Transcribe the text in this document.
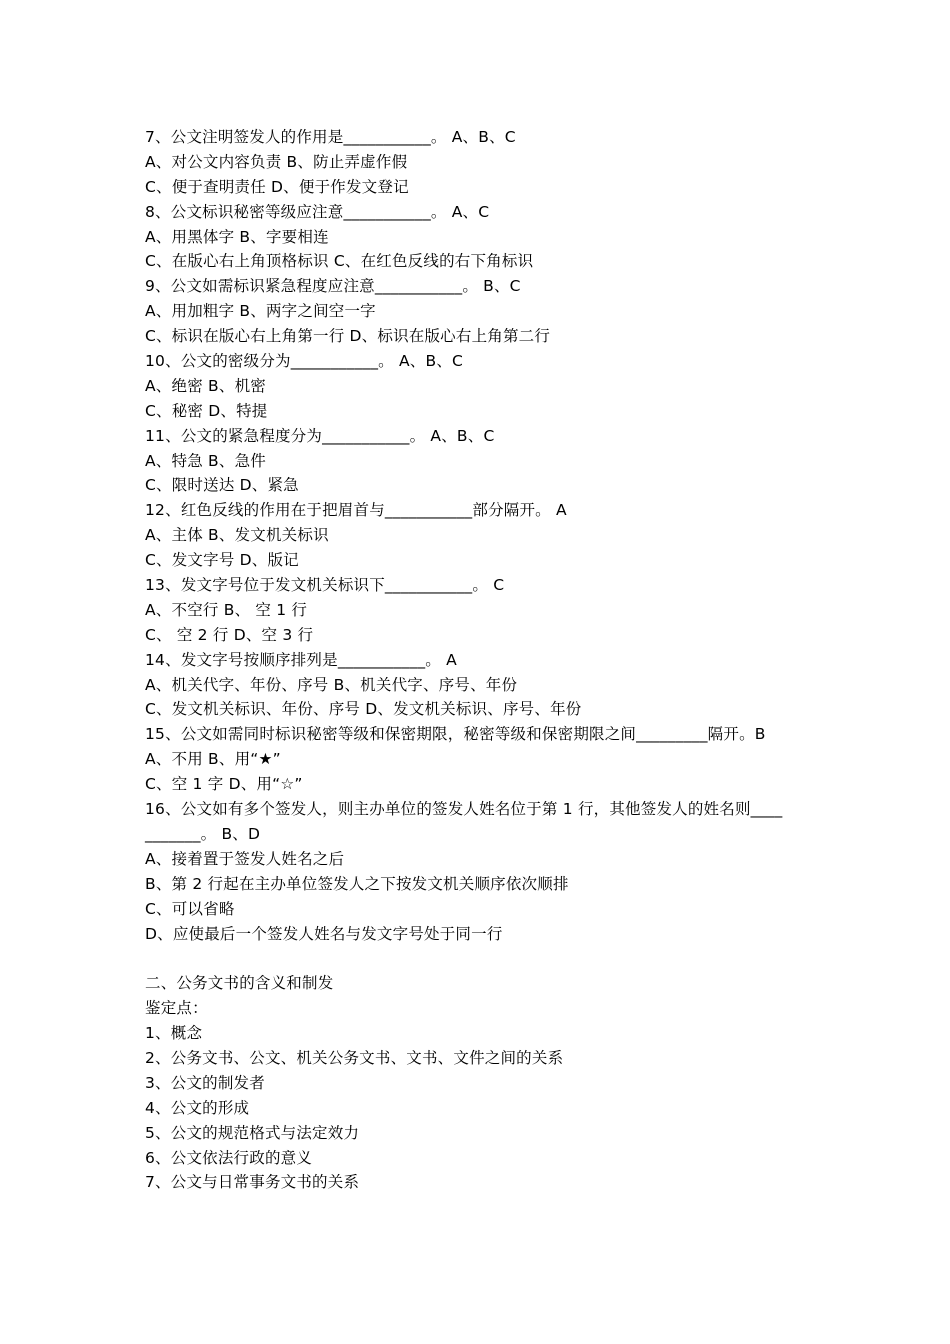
7、公文注明签发人的作用是___________。 A、B、C
A、对公文内容负责 B、防止弄虚作假
C、便于查明责任 D、便于作发文登记
8、公文标识秘密等级应注意___________。 A、C
A、用黑体字 B、字要相连
C、在版心右上角顶格标识 C、在红色反线的右下角标识
9、公文如需标识紧急程度应注意___________。 B、C
A、用加粗字 B、两字之间空一字
C、标识在版心右上角第一行 D、标识在版心右上角第二行
10、公文的密级分为___________。 A、B、C
A、绝密 B、机密
C、秘密 D、特提
11、公文的紧急程度分为___________。 A、B、C
A、特急 B、急件
C、限时送达 D、紧急
12、红色反线的作用在于把眉首与___________部分隔开。 A
A、主体 B、发文机关标识
C、发文字号 D、版记
13、发文字号位于发文机关标识下___________。 C
A、不空行 B、 空 1 行
C、 空 2 行 D、空 3 行
14、发文字号按顺序排列是___________。 A
A、机关代字、年份、序号 B、机关代字、序号、年份
C、发文机关标识、年份、序号 D、发文机关标识、序号、年份
15、公文如需同时标识秘密等级和保密期限，秘密等级和保密期限之间_________隔开。B
A、不用 B、用“★”
C、空 1 字 D、用“☆”
16、公文如有多个签发人，则主办单位的签发人姓名位于第 1 行，其他签发人的姓名则____
_______。 B、D
A、接着置于签发人姓名之后
B、第 2 行起在主办单位签发人之下按发文机关顺序依次顺排
C、可以省略
D、应使最后一个签发人姓名与发文字号处于同一行
二、公务文书的含义和制发
鉴定点：
1、概念
2、公务文书、公文、机关公务文书、文书、文件之间的关系
3、公文的制发者
4、公文的形成
5、公文的规范格式与法定效力
6、公文依法行政的意义
7、公文与日常事务文书的关系
